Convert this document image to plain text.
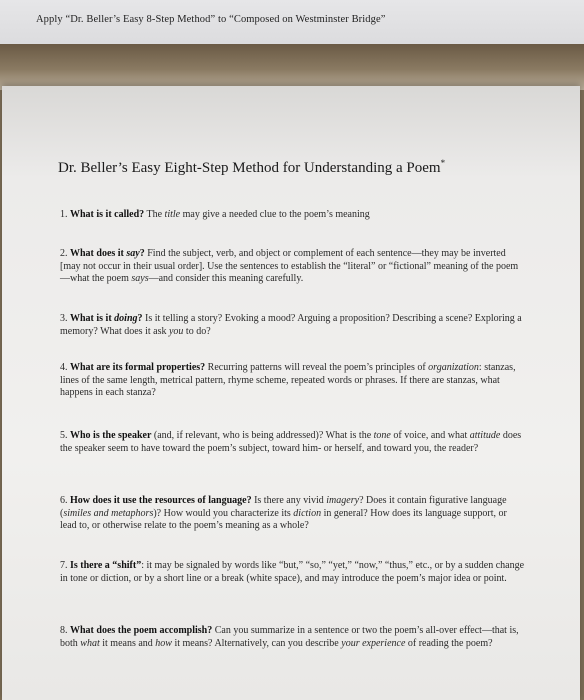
Apply “Dr. Beller’s Easy 8-Step Method” to “Composed on Westminster Bridge”
Dr. Beller’s Easy Eight-Step Method for Understanding a Poem*
1. What is it called? The title may give a needed clue to the poem’s meaning
2. What does it say? Find the subject, verb, and object or complement of each sentence—they may be inverted [may not occur in their usual order]. Use the sentences to establish the “literal” or “fictional” meaning of the poem—what the poem says—and consider this meaning carefully.
3. What is it doing? Is it telling a story? Evoking a mood? Arguing a proposition? Describing a scene? Exploring a memory? What does it ask you to do?
4. What are its formal properties? Recurring patterns will reveal the poem’s principles of organization: stanzas, lines of the same length, metrical pattern, rhyme scheme, repeated words or phrases. If there are stanzas, what happens in each stanza?
5. Who is the speaker (and, if relevant, who is being addressed)? What is the tone of voice, and what attitude does the speaker seem to have toward the poem’s subject, toward him- or herself, and toward you, the reader?
6. How does it use the resources of language? Is there any vivid imagery? Does it contain figurative language (similes and metaphors)? How would you characterize its diction in general? How does its language support, or lead to, or otherwise relate to the poem’s meaning as a whole?
7. Is there a “shift”: it may be signaled by words like “but,” “so,” “yet,” “now,” “thus,” etc., or by a sudden change in tone or diction, or by a short line or a break (white space), and may introduce the poem’s major idea or point.
8. What does the poem accomplish? Can you summarize in a sentence or two the poem’s all-over effect—that is, both what it means and how it means? Alternatively, can you describe your experience of reading the poem?
